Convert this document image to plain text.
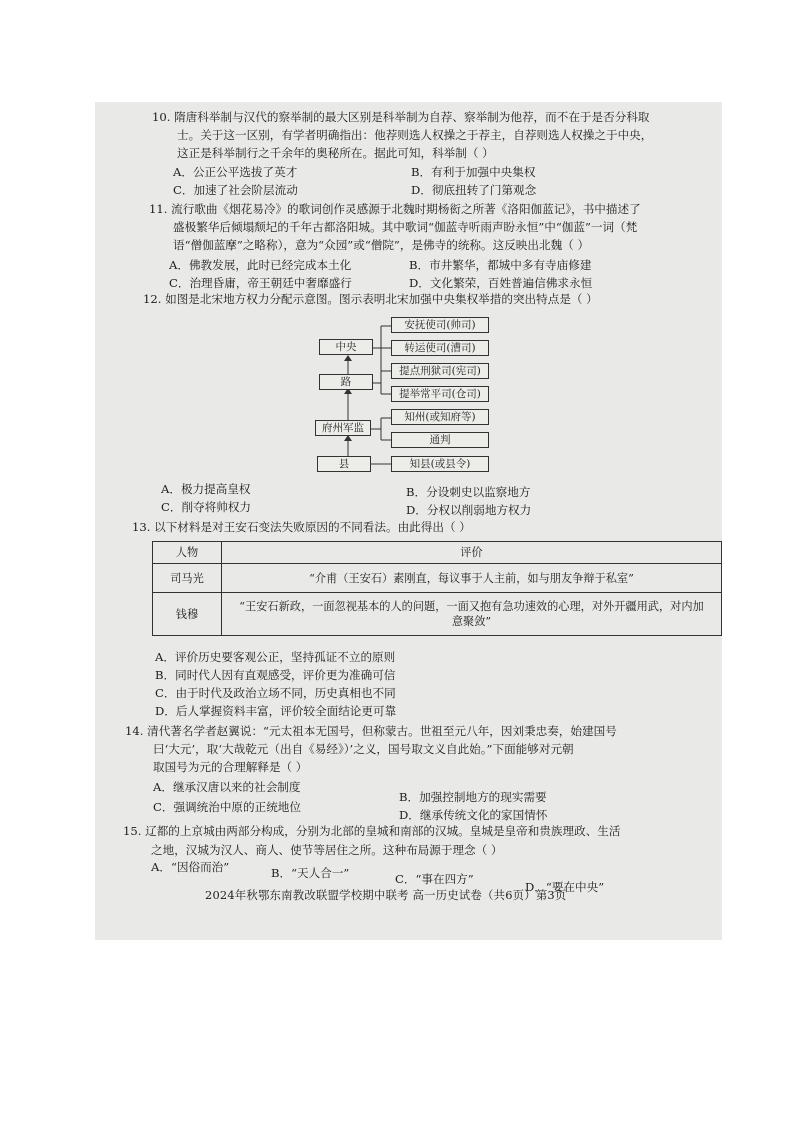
10. 隋唐科举制与汉代的察举制的最大区别是科举制为自荐、察举制为他荐，而不在于是否分科取
士。关于这一区别，有学者明确指出：他荐则选人权操之于荐主，自荐则选人权操之于中央，
这正是科举制行之千余年的奥秘所在。据此可知，科举制（ ）
A．公正公平选拔了英才	B．有利于加强中央集权
C．加速了社会阶层流动	D．彻底扭转了门第观念
11. 流行歌曲《烟花易冷》的歌词创作灵感源于北魏时期杨衒之所著《洛阳伽蓝记》，书中描述了
盛极繁华后倾塌颓圮的千年古都洛阳城。其中歌词“伽蓝寺听雨声盼永恒”中“伽蓝”一词（梵
语“僧伽蓝摩”之略称），意为“众园”或“僧院”，是佛寺的统称。这反映出北魏（ ）
A．佛教发展，此时已经完成本土化	B．市井繁华，都城中多有寺庙修建
C．治理昏庸，帝王朝廷中奢靡盛行	D．文化繁荣，百姓普遍信佛求永恒
12. 如图是北宋地方权力分配示意图。图示表明北宋加强中央集权举措的突出特点是（ ）
中央
路
府州军监
县
安抚使司(帅司)
转运使司(漕司)
提点刑狱司(宪司)
提举常平司(仓司)
知州(或知府等)
通判
知县(或县令)
A．极力提高皇权	B．分设刺史以监察地方
C．削夺将帅权力	D．分权以削弱地方权力
13. 以下材料是对王安石变法失败原因的不同看法。由此得出（ ）
人物	评价
司马光	“介甫（王安石）素刚直，每议事于人主前，如与朋友争辩于私室”
钱穆	“王安石新政，一面忽视基本的人的问题，一面又抱有急功速效的心理，对外开疆用武，对内加意聚敛”
A．评价历史要客观公正，坚持孤证不立的原则
B．同时代人因有直观感受，评价更为准确可信
C．由于时代及政治立场不同，历史真相也不同
D．后人掌握资料丰富，评价较全面结论更可靠
14. 清代著名学者赵翼说：“元太祖本无国号，但称蒙古。世祖至元八年，因刘秉忠奏，始建国号
曰‘大元’，取‘大哉乾元（出自《易经》）’之义，国号取文义自此始。”下面能够对元朝
取国号为元的合理解释是（ ）
A．继承汉唐以来的社会制度
B．加强控制地方的现实需要
C．强调统治中原的正统地位
D．继承传统文化的家国情怀
15. 辽都的上京城由两部分构成，分别为北部的皇城和南部的汉城。皇城是皇帝和贵族理政、生活
之地，汉城为汉人、商人、使节等居住之所。这种布局源于理念（ ）
A．“因俗而治”	B．“天人合一”	C．“事在四方”
D．“要在中央”
2024年秋鄂东南教改联盟学校期中联考 高一历史试卷（共6页）第3页
